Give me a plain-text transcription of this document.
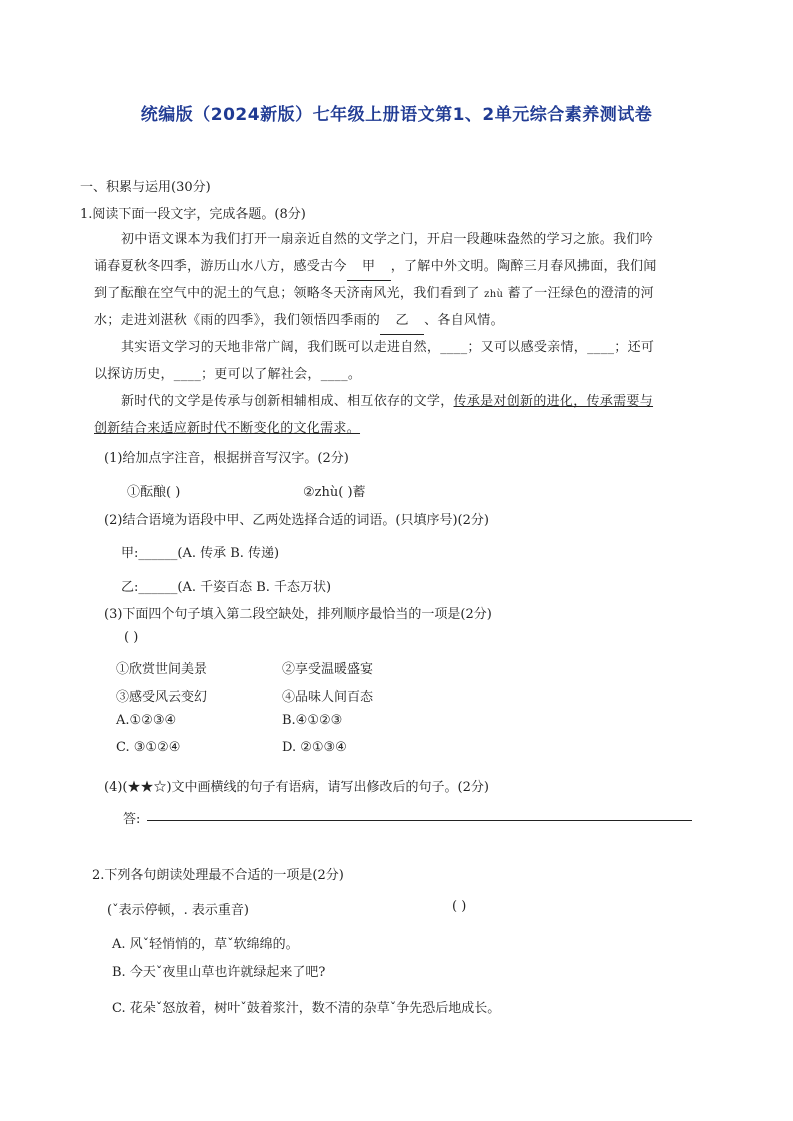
统编版（2024新版）七年级上册语文第1、2单元综合素养测试卷
一、积累与运用(30分)
1.阅读下面一段文字，完成各题。(8分)
初中语文课本为我们打开一扇亲近自然的文学之门，开启一段趣味盎然的学习之旅。我们吟
诵春夏秋冬四季，游历山水八方，感受古今 甲 ，了解中外文明。陶醉三月春风拂面，我们闻
到了酝酿在空气中的泥土的气息；领略冬天济南风光，我们看到了 zhù 蓄了一汪绿色的澄清的河
水；走进刘湛秋《雨的四季》，我们领悟四季雨的 乙 、各自风情。
其实语文学习的天地非常广阔，我们既可以走进自然，____；又可以感受亲情，____；还可
以探访历史，____；更可以了解社会，____。
新时代的文学是传承与创新相辅相成、相互依存的文学，传承是对创新的进化，传承需要与
创新结合来适应新时代不断变化的文化需求。
(1)给加点字注音，根据拼音写汉字。(2分)
①酝酿( )	②zhù( )蓄
(2)结合语境为语段中甲、乙两处选择合适的词语。(只填序号)(2分)
甲:______(A. 传承 B. 传递)
乙:______(A. 千姿百态 B. 千态万状)
(3)下面四个句子填入第二段空缺处，排列顺序最恰当的一项是(2分)
( )
①欣赏世间美景	②享受温暖盛宴
③感受风云变幻	④品味人间百态
A.①②③④	B.④①②③
C. ③①②④	D. ②①③④
(4)(★★☆)文中画横线的句子有语病，请写出修改后的句子。(2分)
答:
2.下列各句朗读处理最不合适的一项是(2分)
(ˇ表示停顿，. 表示重音)	( )
A. 风ˇ轻悄悄的，草ˇ软绵绵的。
B. 今天ˇ夜里山草也许就绿起来了吧?
C. 花朵ˇ怒放着，树叶ˇ鼓着浆汁，数不清的杂草ˇ争先恐后地成长。
